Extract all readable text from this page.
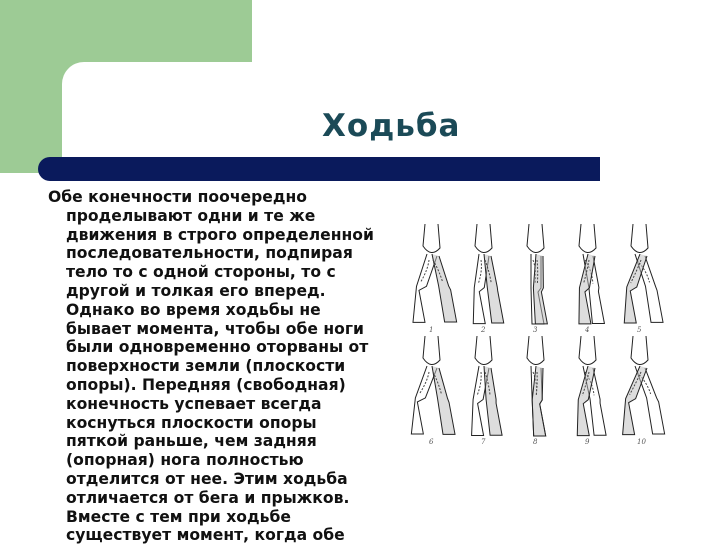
Ходьба
Обе конечности поочередно
проделывают одни и те же
движения в строго определенной
последовательности, подпирая
тело то с одной стороны, то с
другой и толкая его вперед.
Однако во время ходьбы не
бывает момента, чтобы обе ноги
были одновременно оторваны от
поверхности земли (плоскости
опоры). Передняя (свободная)
конечность успевает всегда
коснуться плоскости опоры
пяткой раньше, чем задняя
(опорная) нога полностью
отделится от нее. Этим ходьба
отличается от бега и прыжков.
Вместе с тем при ходьбе
существует момент, когда обе
1	2	3	4	5
6	7	8	9	10
